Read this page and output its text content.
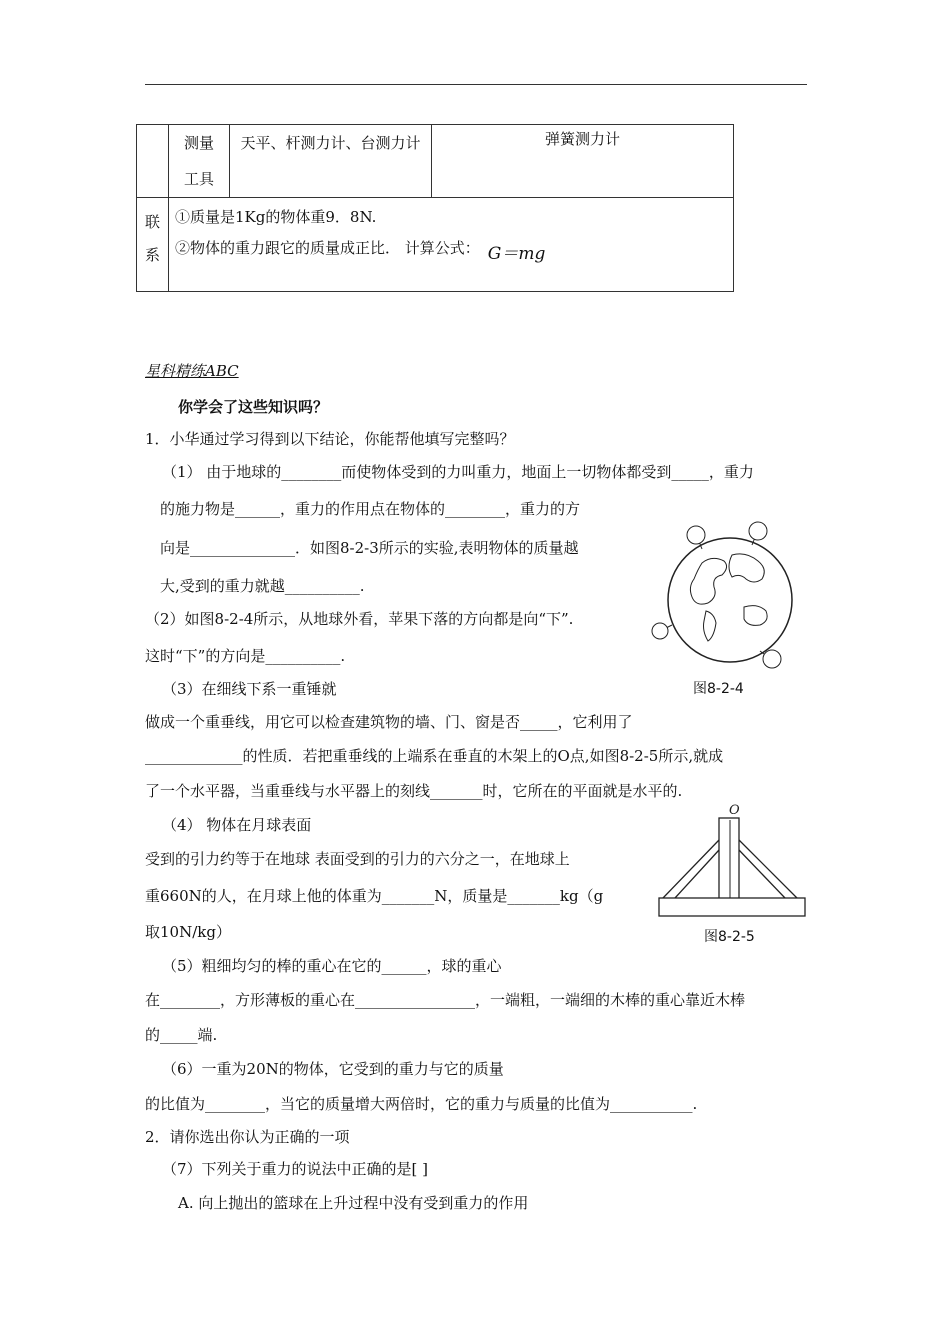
	测量工具	天平、杆测力计、台测力计	弹簧测力计

联系	①质量是1Kg的物体重9．8N.
②物体的重力跟它的质量成正比． 计算公式： G＝mg		
星科精练ABC
你学会了这些知识吗？
1．小华通过学习得到以下结论，你能帮他填写完整吗？
（1） 由于地球的________而使物体受到的力叫重力，地面上一切物体都受到_____，重力
的施力物是______，重力的作用点在物体的________，重力的方
向是______________．如图8-2-3所示的实验,表明物体的质量越
大,受到的重力就越__________.
（2）如图8-2-4所示，从地球外看，苹果下落的方向都是向“下”.
这时“下”的方向是__________.
（3）在细线下系一重锤就
做成一个重垂线，用它可以检查建筑物的墙、门、窗是否_____，它利用了
_____________的性质．若把重垂线的上端系在垂直的木架上的O点,如图8-2-5所示,就成
了一个水平器，当重垂线与水平器上的刻线_______时，它所在的平面就是水平的.
（4） 物体在月球表面
受到的引力约等于在地球 表面受到的引力的六分之一，在地球上
重660N的人，在月球上他的体重为_______N，质量是_______kg（g
取10N/kg）
（5）粗细均匀的棒的重心在它的______，球的重心
在________，方形薄板的重心在________________，一端粗，一端细的木棒的重心靠近木棒
的_____端.
（6）一重为20N的物体，它受到的重力与它的质量
的比值为________，当它的质量增大两倍时，它的重力与质量的比值为___________.
2．请你选出你认为正确的一项
（7）下列关于重力的说法中正确的是[ ]
A. 向上抛出的篮球在上升过程中没有受到重力的作用
图8-2-4
O
图8-2-5
